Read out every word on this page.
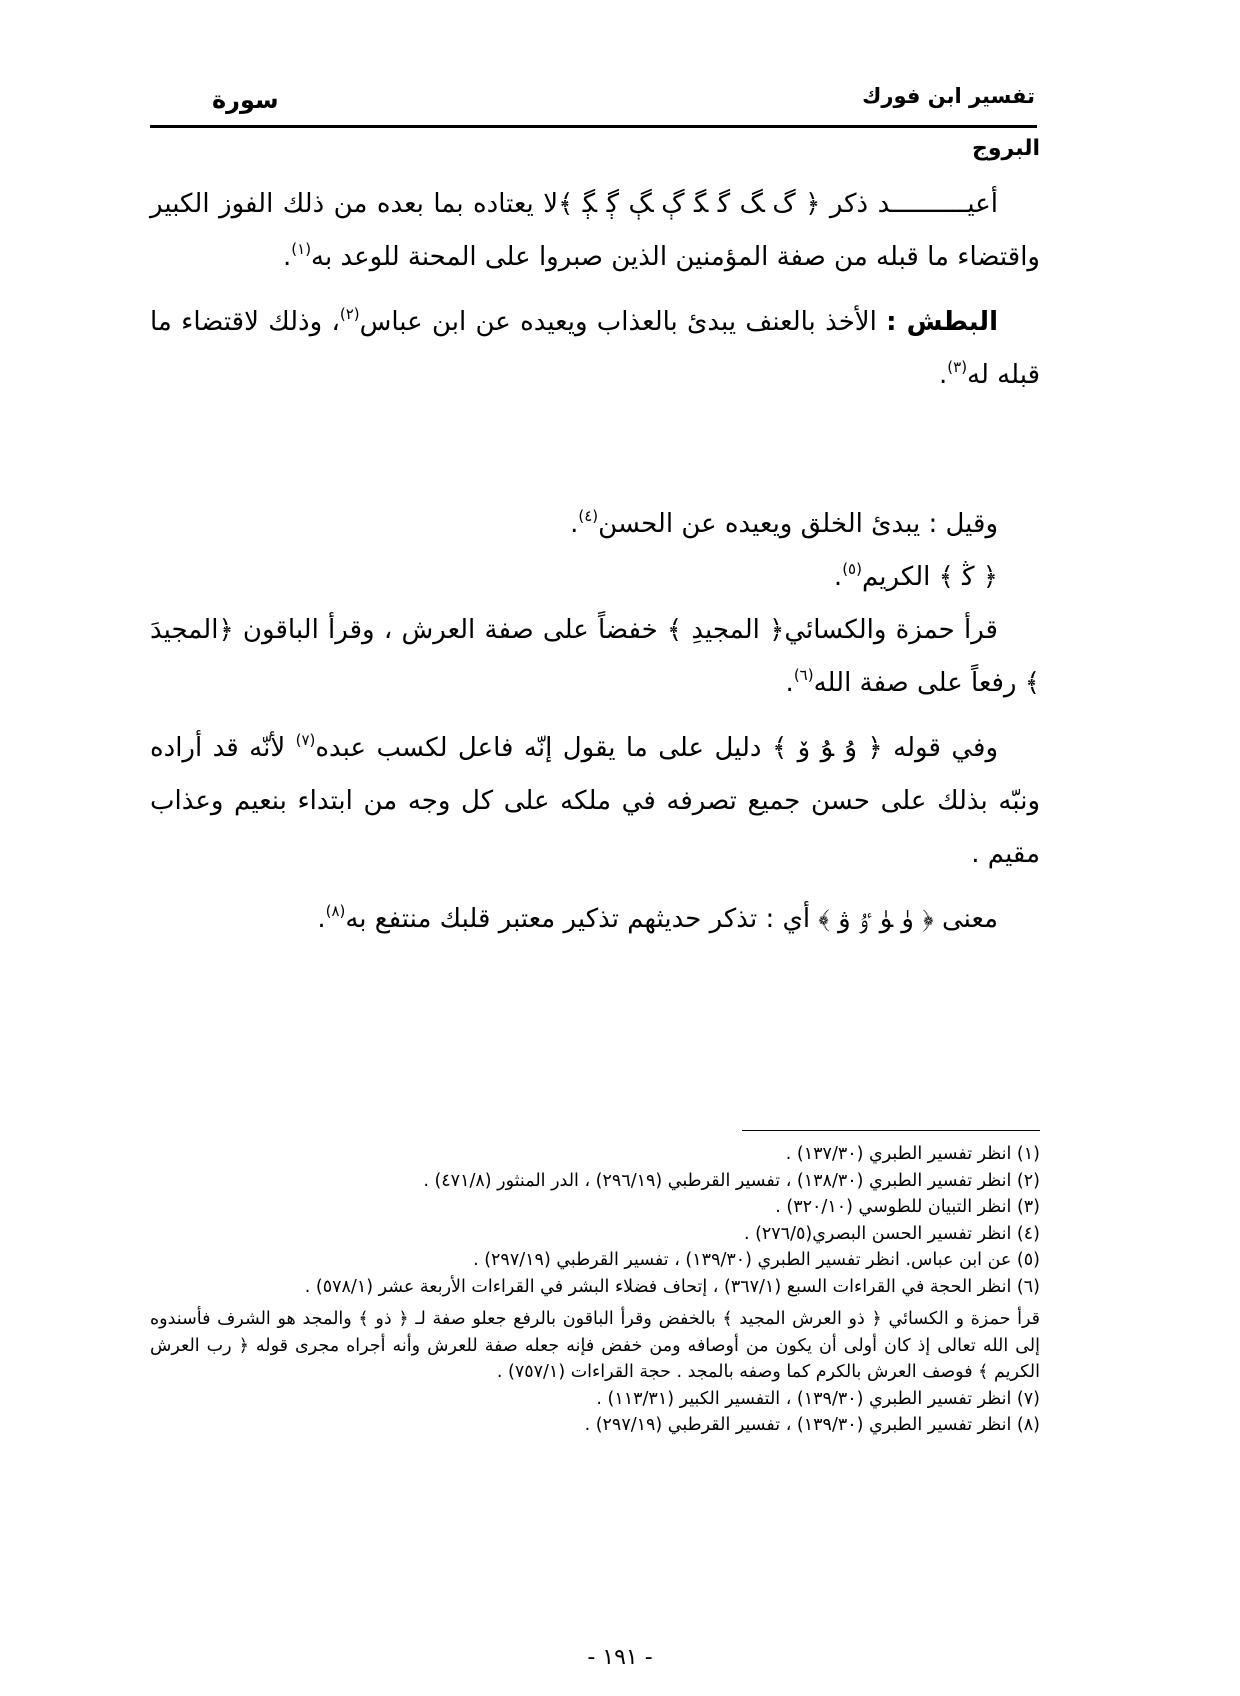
تفسير ابن فورك
سورة
البروج

أعيــــــــــد ذكر ﴿ ﮒ ﮓ ﮔ ﮕ ﮖ ﮗ ﮘ ﮙ ﴾لا يعتاده بما بعده من ذلك الفوز الكبير واقتضاء ما قبله من صفة المؤمنين الذين صبروا على المحنة للوعد به$^{(١)}$.

البطش : الأخذ بالعنف يبدئ بالعذاب ويعيده عن ابن عباس$^{(٢)}$، وذلك لاقتضاء ما قبله له$^{(٣)}$.

وقيل : يبدئ الخلق ويعيده عن الحسن$^{(٤)}$.

﴿ ﯕ ﴾ الكريم$^{(٥)}$.

قرأ حمزة والكسائي﴿ المجيدِ ﴾ خفضاً على صفة العرش ، وقرأ الباقون ﴿المجيدَ ﴾ رفعاً على صفة الله$^{(٦)}$.

وفي قوله ﴿ ﯗ ﯘ ﯙ ﴾ دليل على ما يقول إنّه فاعل لكسب عبده$^{(٧)}$ لأنّه قد أراده ونبّه بذلك على حسن جميع تصرفه في ملكه على كل وجه من ابتداء بنعيم وعذاب مقيم .

معنى ﴿ ﯛ ﯜ ﯝ ﯞ ﴾ أي : تذكر حديثهم تذكير معتبر قلبك منتفع به$^{(٨)}$.

(١) انظر تفسير الطبري (١٣٧/٣٠) .

(٢) انظر تفسير الطبري (١٣٨/٣٠) ، تفسير القرطبي (٢٩٦/١٩) ، الدر المنثور (٤٧١/٨) .

(٣) انظر التبيان للطوسي (٣٢٠/١٠) .

(٤) انظر تفسير الحسن البصري(٢٧٦/٥) .

(٥) عن ابن عباس. انظر تفسير الطبري (١٣٩/٣٠) ، تفسير القرطبي (٢٩٧/١٩) .

(٦) انظر الحجة في القراءات السبع (٣٦٧/١) ، إتحاف فضلاء البشر في القراءات الأربعة عشر (٥٧٨/١) .

قرأ حمزة و الكسائي ﴿ ذو العرش المجيد ﴾ بالخفض وقرأ الباقون بالرفع جعلو صفة لـ ﴿ ذو ﴾ والمجد هو الشرف فأسندوه إلى الله تعالى إذ كان أولى أن يكون من أوصافه ومن خفض فإنه جعله صفة للعرش وأنه أجراه مجرى قوله ﴿ رب العرش الكريم ﴾ فوصف العرش بالكرم كما وصفه بالمجد . حجة القراءات (٧٥٧/١) .

(٧) انظر تفسير الطبري (١٣٩/٣٠) ، التفسير الكبير (١١٣/٣١) .

(٨) انظر تفسير الطبري (١٣٩/٣٠) ، تفسير القرطبي (٢٩٧/١٩) .

- ١٩١ -
